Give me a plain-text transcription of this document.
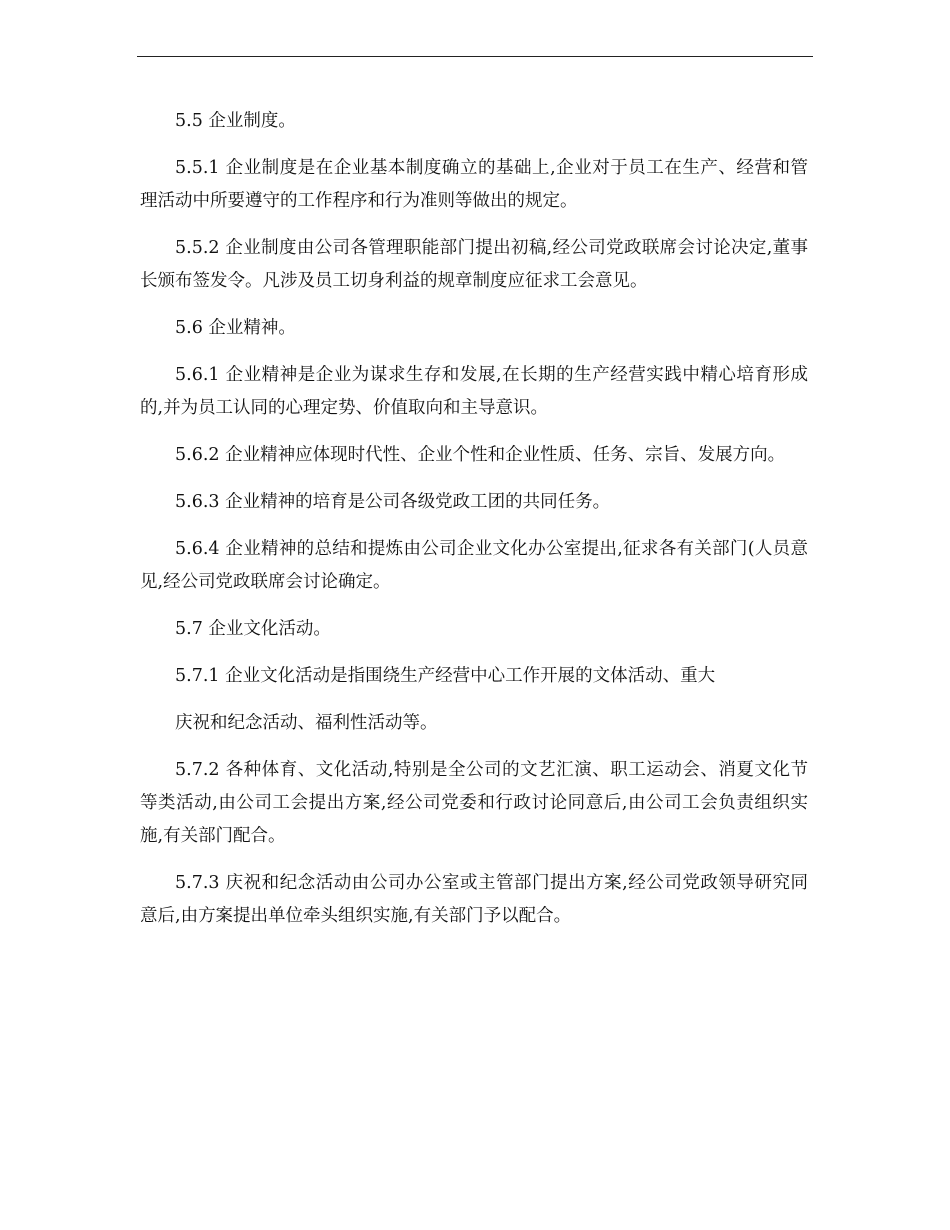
5.5 企业制度。

5.5.1 企业制度是在企业基本制度确立的基础上,企业对于员工在生产、经营和管理活动中所要遵守的工作程序和行为准则等做出的规定。

5.5.2 企业制度由公司各管理职能部门提出初稿,经公司党政联席会讨论决定,董事长颁布签发令。凡涉及员工切身利益的规章制度应征求工会意见。

5.6 企业精神。

5.6.1 企业精神是企业为谋求生存和发展,在长期的生产经营实践中精心培育形成的,并为员工认同的心理定势、价值取向和主导意识。

5.6.2 企业精神应体现时代性、企业个性和企业性质、任务、宗旨、发展方向。

5.6.3 企业精神的培育是公司各级党政工团的共同任务。

5.6.4 企业精神的总结和提炼由公司企业文化办公室提出,征求各有关部门(人员意见,经公司党政联席会讨论确定。

5.7 企业文化活动。

5.7.1 企业文化活动是指围绕生产经营中心工作开展的文体活动、重大

庆祝和纪念活动、福利性活动等。

5.7.2 各种体育、文化活动,特别是全公司的文艺汇演、职工运动会、消夏文化节等类活动,由公司工会提出方案,经公司党委和行政讨论同意后,由公司工会负责组织实施,有关部门配合。

5.7.3 庆祝和纪念活动由公司办公室或主管部门提出方案,经公司党政领导研究同意后,由方案提出单位牵头组织实施,有关部门予以配合。
